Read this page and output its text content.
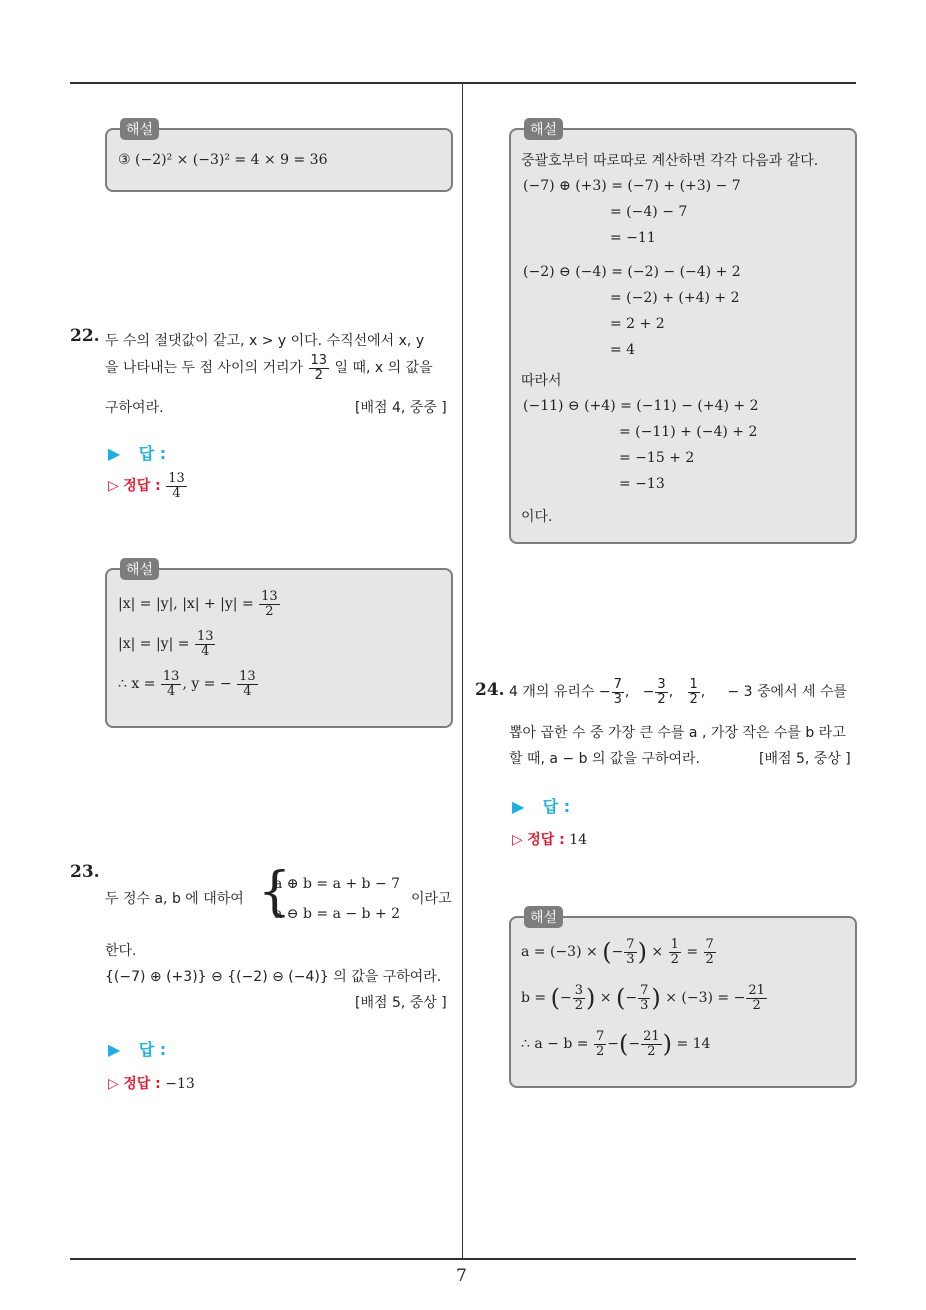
7
해설
③ (−2)² × (−3)² = 4 × 9 = 36
22. 두 수의 절댓값이 같고, x > y 이다. 수직선에서 x, y
을 나타내는 두 점 사이의 거리가 $\frac{13}{2}$ 일 때, x 의 값을
구하여라.	[배점 4, 중중 ]
▶ 답 :
▷ 정답 : $\frac{13}{4}$
해설
|x| = |y|, $|x| + |y| = \frac{13}{2}$
$|x| = |y| = \frac{13}{4}$
∴ $x = \frac{13}{4}$ , y = − $\frac{13}{4}$
23.
두 정수 a, b 에 대하여 {
a ⊕ b = a + b − 7
a ⊖ b = a − b + 2
이라고
한다.
{(−7) ⊕ (+3)} ⊖ {(−2) ⊖ (−4)} 의 값을 구하여라.
[배점 5, 중상 ]
▶ 답 :
▷ 정답 : −13
해설
중괄호부터 따로따로 계산하면 각각 다음과 같다.
(−7) ⊕ (+3) = (−7) + (+3) − 7
= (−4) − 7
= −11
(−2) ⊖ (−4) = (−2) − (−4) + 2
= (−2) + (+4) + 2
= 2 + 2
= 4
따라서
(−11) ⊖ (+4) = (−11) − (+4) + 2
= (−11) + (−4) + 2
= −15 + 2
= −13
이다.
24. 4 개의 유리수 − $\frac{7}{3}$ ,   − $\frac{3}{2}$ , $\frac{1}{2}$ ,     − 3 중에서 세 수를
뽑아 곱한 수 중 가장 큰 수를 a , 가장 작은 수를 b 라고
할 때, a − b 의 값을 구하여라.	[배점 5, 중상 ]
▶ 답 :
▷ 정답 : 14
해설
a = (−3) × (− $\frac{7}{3}$ ) × $\frac{1}{2} = \frac{7}{2}$
b = (− $\frac{3}{2}$ ) × (− $\frac{7}{3}$ ) × (−3) = − $\frac{21}{2}$
∴ $a - b = \frac{7}{2}$ −(− $\frac{21}{2}$ ) = 14
